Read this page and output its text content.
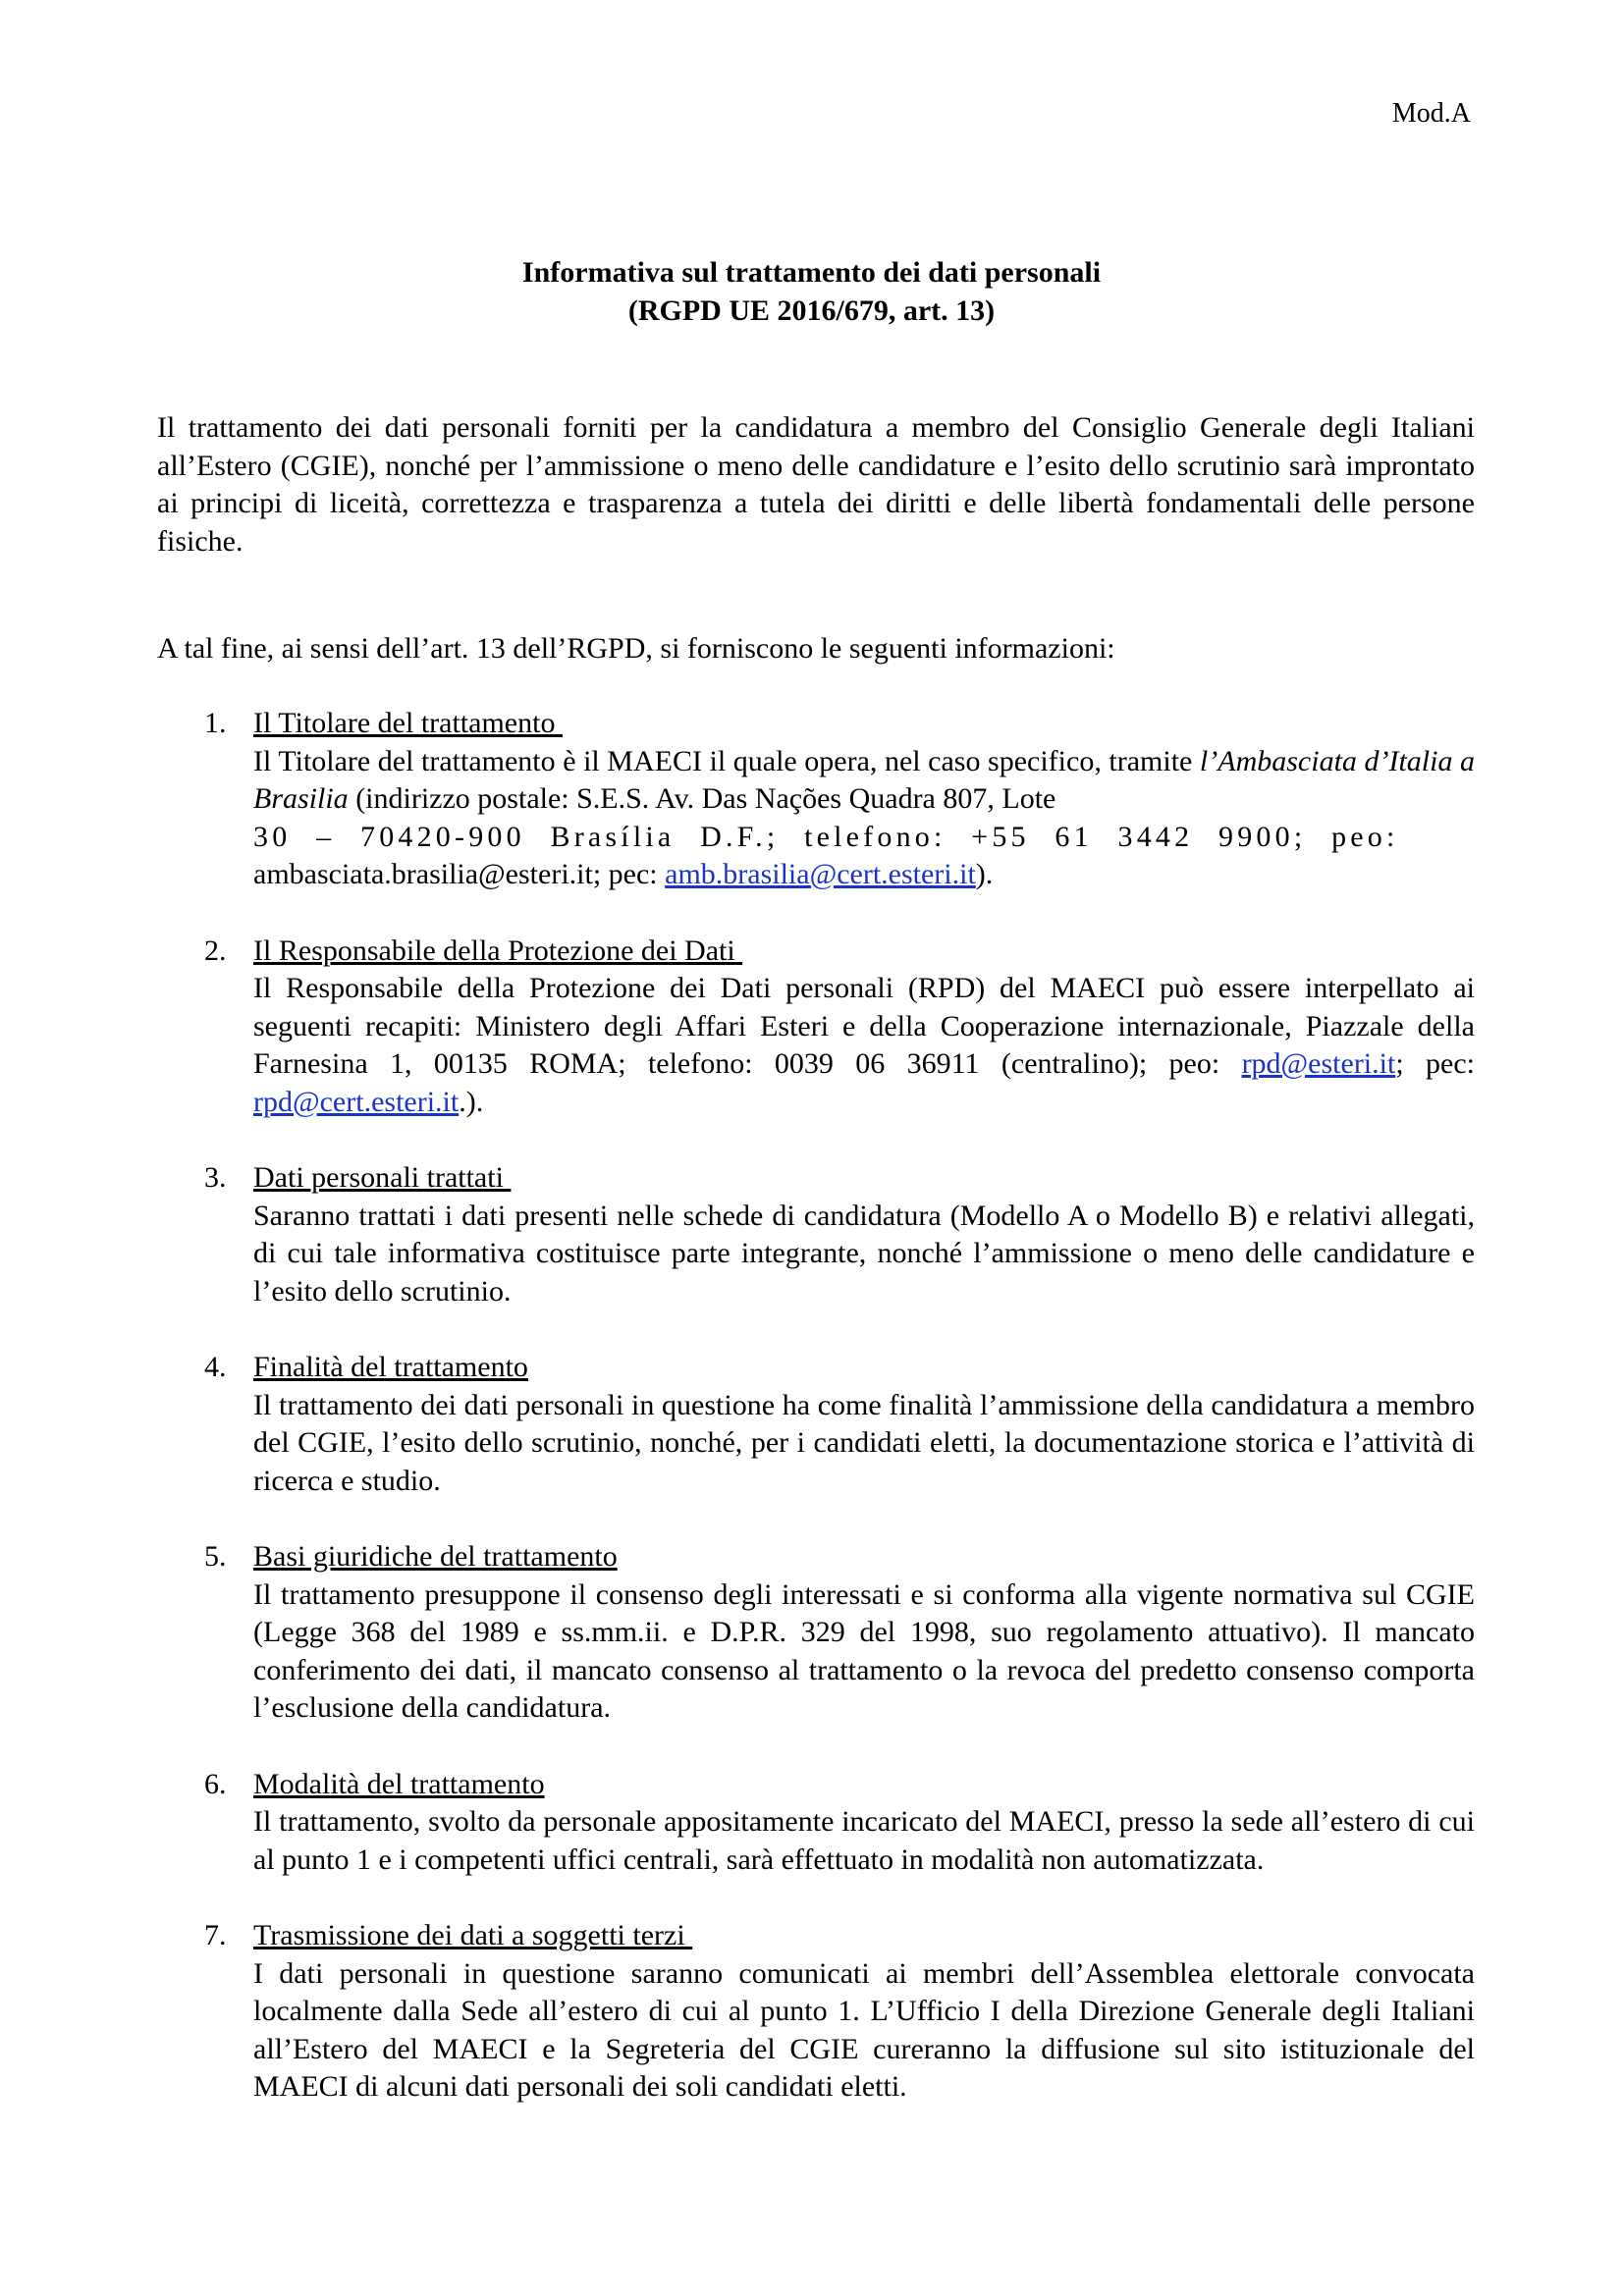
Mod.A
Informativa sul trattamento dei dati personali
(RGPD UE 2016/679, art. 13)

Il trattamento dei dati personali forniti per la candidatura a membro del Consiglio Generale degli Italiani all’Estero (CGIE), nonché per l’ammissione o meno delle candidature e l’esito dello scrutinio sarà improntato ai principi di liceità, correttezza e trasparenza a tutela dei diritti e delle libertà fondamentali delle persone fisiche.

A tal fine, ai sensi dell’art. 13 dell’RGPD, si forniscono le seguenti informazioni:

1. Il Titolare del trattamento
Il Titolare del trattamento è il MAECI il quale opera, nel caso specifico, tramite l’Ambasciata d’Italia a Brasilia (indirizzo postale: S.E.S. Av. Das Nações Quadra 807, Lote
30 – 70420-900 Brasília D.F.; telefono: +55 61 3442 9900; peo:
ambasciata.brasilia@esteri.it; pec: amb.brasilia@cert.esteri.it).
2. Il Responsabile della Protezione dei Dati
Il Responsabile della Protezione dei Dati personali (RPD) del MAECI può essere interpellato ai seguenti recapiti: Ministero degli Affari Esteri e della Cooperazione internazionale, Piazzale della Farnesina 1, 00135 ROMA; telefono: 0039 06 36911 (centralino); peo: rpd@esteri.it; pec: rpd@cert.esteri.it.).
3. Dati personali trattati
Saranno trattati i dati presenti nelle schede di candidatura (Modello A o Modello B) e relativi allegati, di cui tale informativa costituisce parte integrante, nonché l’ammissione o meno delle candidature e l’esito dello scrutinio.
4. Finalità del trattamento
Il trattamento dei dati personali in questione ha come finalità l’ammissione della candidatura a membro del CGIE, l’esito dello scrutinio, nonché, per i candidati eletti, la documentazione storica e l’attività di ricerca e studio.
5. Basi giuridiche del trattamento
Il trattamento presuppone il consenso degli interessati e si conforma alla vigente normativa sul CGIE (Legge 368 del 1989 e ss.mm.ii. e D.P.R. 329 del 1998, suo regolamento attuativo). Il mancato conferimento dei dati, il mancato consenso al trattamento o la revoca del predetto consenso comporta l’esclusione della candidatura.
6. Modalità del trattamento
Il trattamento, svolto da personale appositamente incaricato del MAECI, presso la sede all’estero di cui al punto 1 e i competenti uffici centrali, sarà effettuato in modalità non automatizzata.
7. Trasmissione dei dati a soggetti terzi
I dati personali in questione saranno comunicati ai membri dell’Assemblea elettorale convocata localmente dalla Sede all’estero di cui al punto 1. L’Ufficio I della Direzione Generale degli Italiani all’Estero del MAECI e la Segreteria del CGIE cureranno la diffusione sul sito istituzionale del MAECI di alcuni dati personali dei soli candidati eletti.
